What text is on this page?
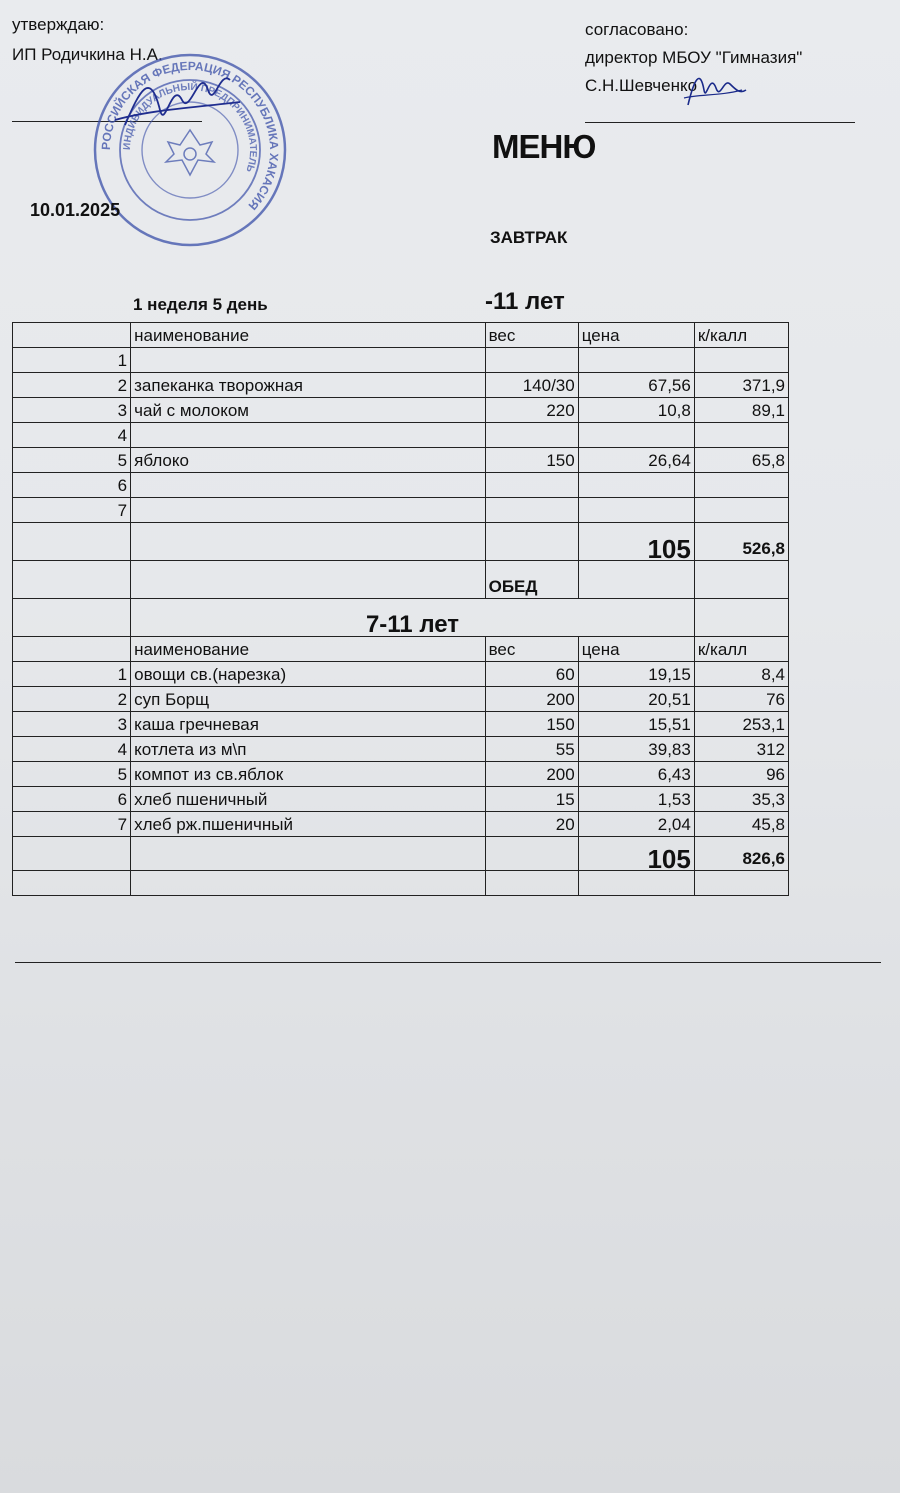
утверждаю:
ИП Родичкина Н.А.
согласовано:
директор МБОУ "Гимназия"
С.Н.Шевченко
РОССИЙСКАЯ ФЕДЕРАЦИЯ РЕСПУБЛИКА ХАКАСИЯ
ИНДИВИДУАЛЬНЫЙ ПРЕДПРИНИМАТЕЛЬ
10.01.2025
МЕНЮ
ЗАВТРАК
1 неделя 5 день	-11 лет
	наименование	вес	цена	к/калл
1				
2	запеканка творожная	140/30	67,56	371,9
3	чай с молоком	220	10,8	89,1
4				
5	яблоко	150	26,64	65,8
6				
7				
			105	526,8
		ОБЕД		
	7-11 лет			
	наименование	вес	цена	к/калл
1	овощи св.(нарезка)	60	19,15	8,4
2	суп Борщ	200	20,51	76
3	каша гречневая	150	15,51	253,1
4	котлета из м\п	55	39,83	312
5	компот из св.яблок	200	6,43	96
6	хлеб пшеничный	15	1,53	35,3
7	хлеб рж.пшеничный	20	2,04	45,8
			105	826,6
